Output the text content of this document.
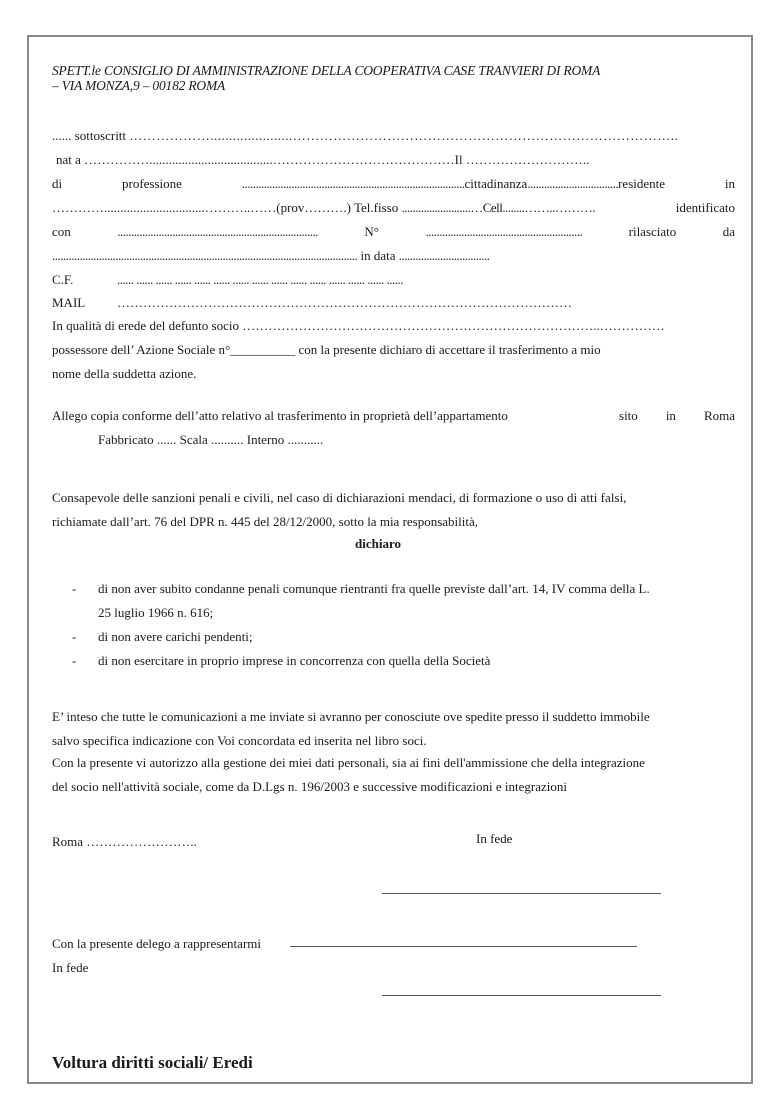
SPETT.le CONSIGLIO DI AMMINISTRAZIONE DELLA COOPERATIVA CASE TRANVIERI DI ROMA
– VIA MONZA,9 – 00182 ROMA
...... sottoscritt ………………......................…………………………………………………………………………..
nat a ……………......................................……………………………………Il ………………………..
di	professione	.................................................................................cittadinanza.................................residente	in
…………...............................………..……(prov……….) Tel.fisso .........................…Cell........……..……….	identificato
con	.........................................................................	N°	.........................................................	rilasciato	da
............................................................................................................... in data .................................
C.F.	...... ...... ...... ...... ...... ...... ...... ...... ...... ...... ...... ...... ...... ...... ......
MAIL ……………………………………………………………………………………………
In qualità di erede del defunto socio ………………………………………………………………………..……………
possessore dell’ Azione Sociale n°__________ con la presente dichiaro di accettare il trasferimento a mio
nome della suddetta azione.
Allego copia conforme dell’atto relativo al trasferimento in proprietà dell’appartamento	sito in Roma
Fabbricato ...... Scala .......... Interno ...........
Consapevole delle sanzioni penali e civili, nel caso di dichiarazioni mendaci, di formazione o uso di atti falsi,
richiamate dall’art. 76 del DPR n. 445 del 28/12/2000, sotto la mia responsabilità,
dichiaro
- di non aver subito condanne penali comunque rientranti fra quelle previste dall’art. 14, IV comma della L.
25 luglio 1966 n. 616;
- di non avere carichi pendenti;
- di non esercitare in proprio imprese in concorrenza con quella della Società
E’ inteso che tutte le comunicazioni a me inviate si avranno per conosciute ove spedite presso il suddetto immobile
salvo specifica indicazione con Voi concordata ed inserita nel libro soci.
Con la presente vi autorizzo alla gestione dei miei dati personali, sia ai fini dell'ammissione che della integrazione
del socio nell'attività sociale, come da D.Lgs n. 196/2003 e successive modificazioni e integrazioni
Roma ……………………..	In fede
Con la presente delego a rappresentarmi
In fede
Voltura diritti sociali/ Eredi
